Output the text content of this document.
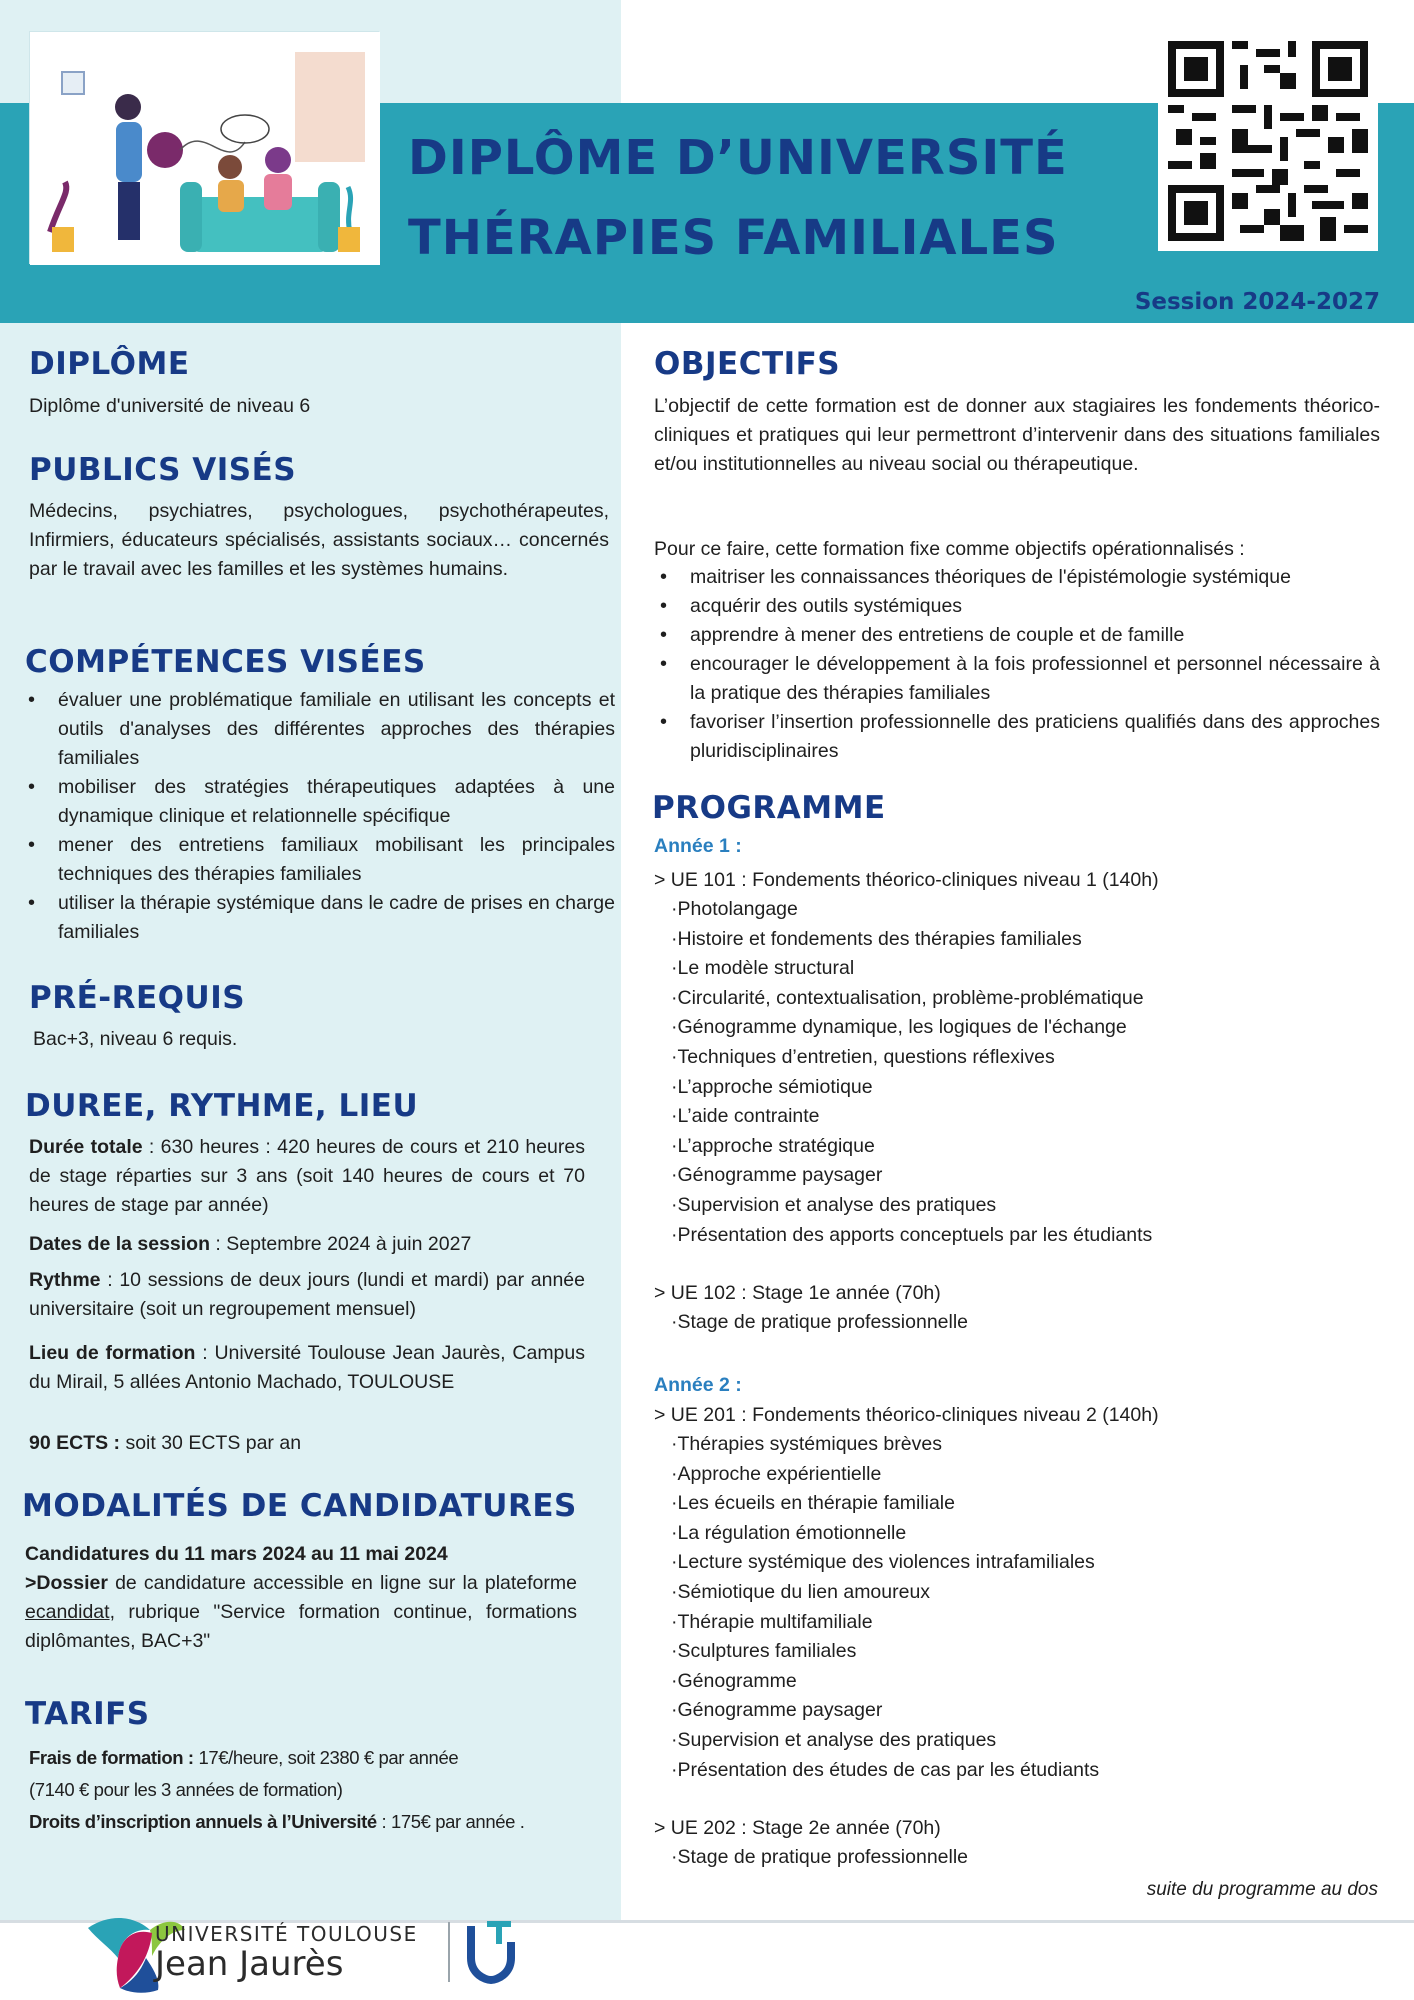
DIPLÔME D’UNIVERSITÉ
THÉRAPIES FAMILIALES
Session 2024-2027
DIPLÔME
Diplôme d'université de niveau 6
PUBLICS VISÉS
Médecins, psychiatres, psychologues, psychothérapeutes, Infirmiers, éducateurs spécialisés, assistants sociaux… concernés par le travail avec les familles et les systèmes humains.
COMPÉTENCES VISÉES
• évaluer une problématique familiale en utilisant les concepts et outils d'analyses des différentes approches des thérapies familiales
• mobiliser des stratégies thérapeutiques adaptées à une dynamique clinique et relationnelle spécifique
• mener des entretiens familiaux mobilisant les principales techniques des thérapies familiales
• utiliser la thérapie systémique dans le cadre de prises en charge familiales
PRÉ-REQUIS
Bac+3, niveau 6 requis.
DUREE, RYTHME, LIEU
Durée totale : 630 heures : 420 heures de cours et 210 heures de stage réparties sur 3 ans (soit 140 heures de cours et 70 heures de stage par année)
Dates de la session : Septembre 2024 à juin 2027
Rythme : 10 sessions de deux jours (lundi et mardi) par année universitaire (soit un regroupement mensuel)
Lieu de formation : Université Toulouse Jean Jaurès, Campus du Mirail, 5 allées Antonio Machado, TOULOUSE
90 ECTS : soit 30 ECTS par an
MODALITÉS DE CANDIDATURES
Candidatures du 11 mars 2024 au 11 mai 2024
>Dossier de candidature accessible en ligne sur la plateforme ecandidat, rubrique "Service formation continue, formations diplômantes, BAC+3"
TARIFS
Frais de formation : 17€/heure, soit 2380 € par année
(7140 € pour les 3 années de formation)
Droits d’inscription annuels à l’Université : 175€ par année .
OBJECTIFS
L’objectif de cette formation est de donner aux stagiaires les fondements théorico-cliniques et pratiques qui leur permettront d’intervenir dans des situations familiales et/ou institutionnelles au niveau social ou thérapeutique.
Pour ce faire, cette formation fixe comme objectifs opérationnalisés :
• maitriser les connaissances théoriques de l'épistémologie systémique
• acquérir des outils systémiques
• apprendre à mener des entretiens de couple et de famille
• encourager le développement à la fois professionnel et personnel nécessaire à la pratique des thérapies familiales
• favoriser l’insertion professionnelle des praticiens qualifiés dans des approches pluridisciplinaires
PROGRAMME
Année 1 :
> UE 101 : Fondements théorico-cliniques niveau 1 (140h)
·Photolangage
·Histoire et fondements des thérapies familiales
·Le modèle structural
·Circularité, contextualisation, problème-problématique
·Génogramme dynamique, les logiques de l'échange
·Techniques d’entretien, questions réflexives
·L’approche sémiotique
·L’aide contrainte
·L’approche stratégique
·Génogramme paysager
·Supervision et analyse des pratiques
·Présentation des apports conceptuels par les étudiants
> UE 102 : Stage 1e année (70h)
·Stage de pratique professionnelle
Année 2 :
> UE 201 : Fondements théorico-cliniques niveau 2 (140h)
·Thérapies systémiques brèves
·Approche expérientielle
·Les écueils en thérapie familiale
·La régulation émotionnelle
·Lecture systémique des violences intrafamiliales
·Sémiotique du lien amoureux
·Thérapie multifamiliale
·Sculptures familiales
·Génogramme
·Génogramme paysager
·Supervision et analyse des pratiques
·Présentation des études de cas par les étudiants
> UE 202 : Stage 2e année (70h)
·Stage de pratique professionnelle
suite du programme au dos
UNIVERSITÉ TOULOUSE
Jean Jaurès
